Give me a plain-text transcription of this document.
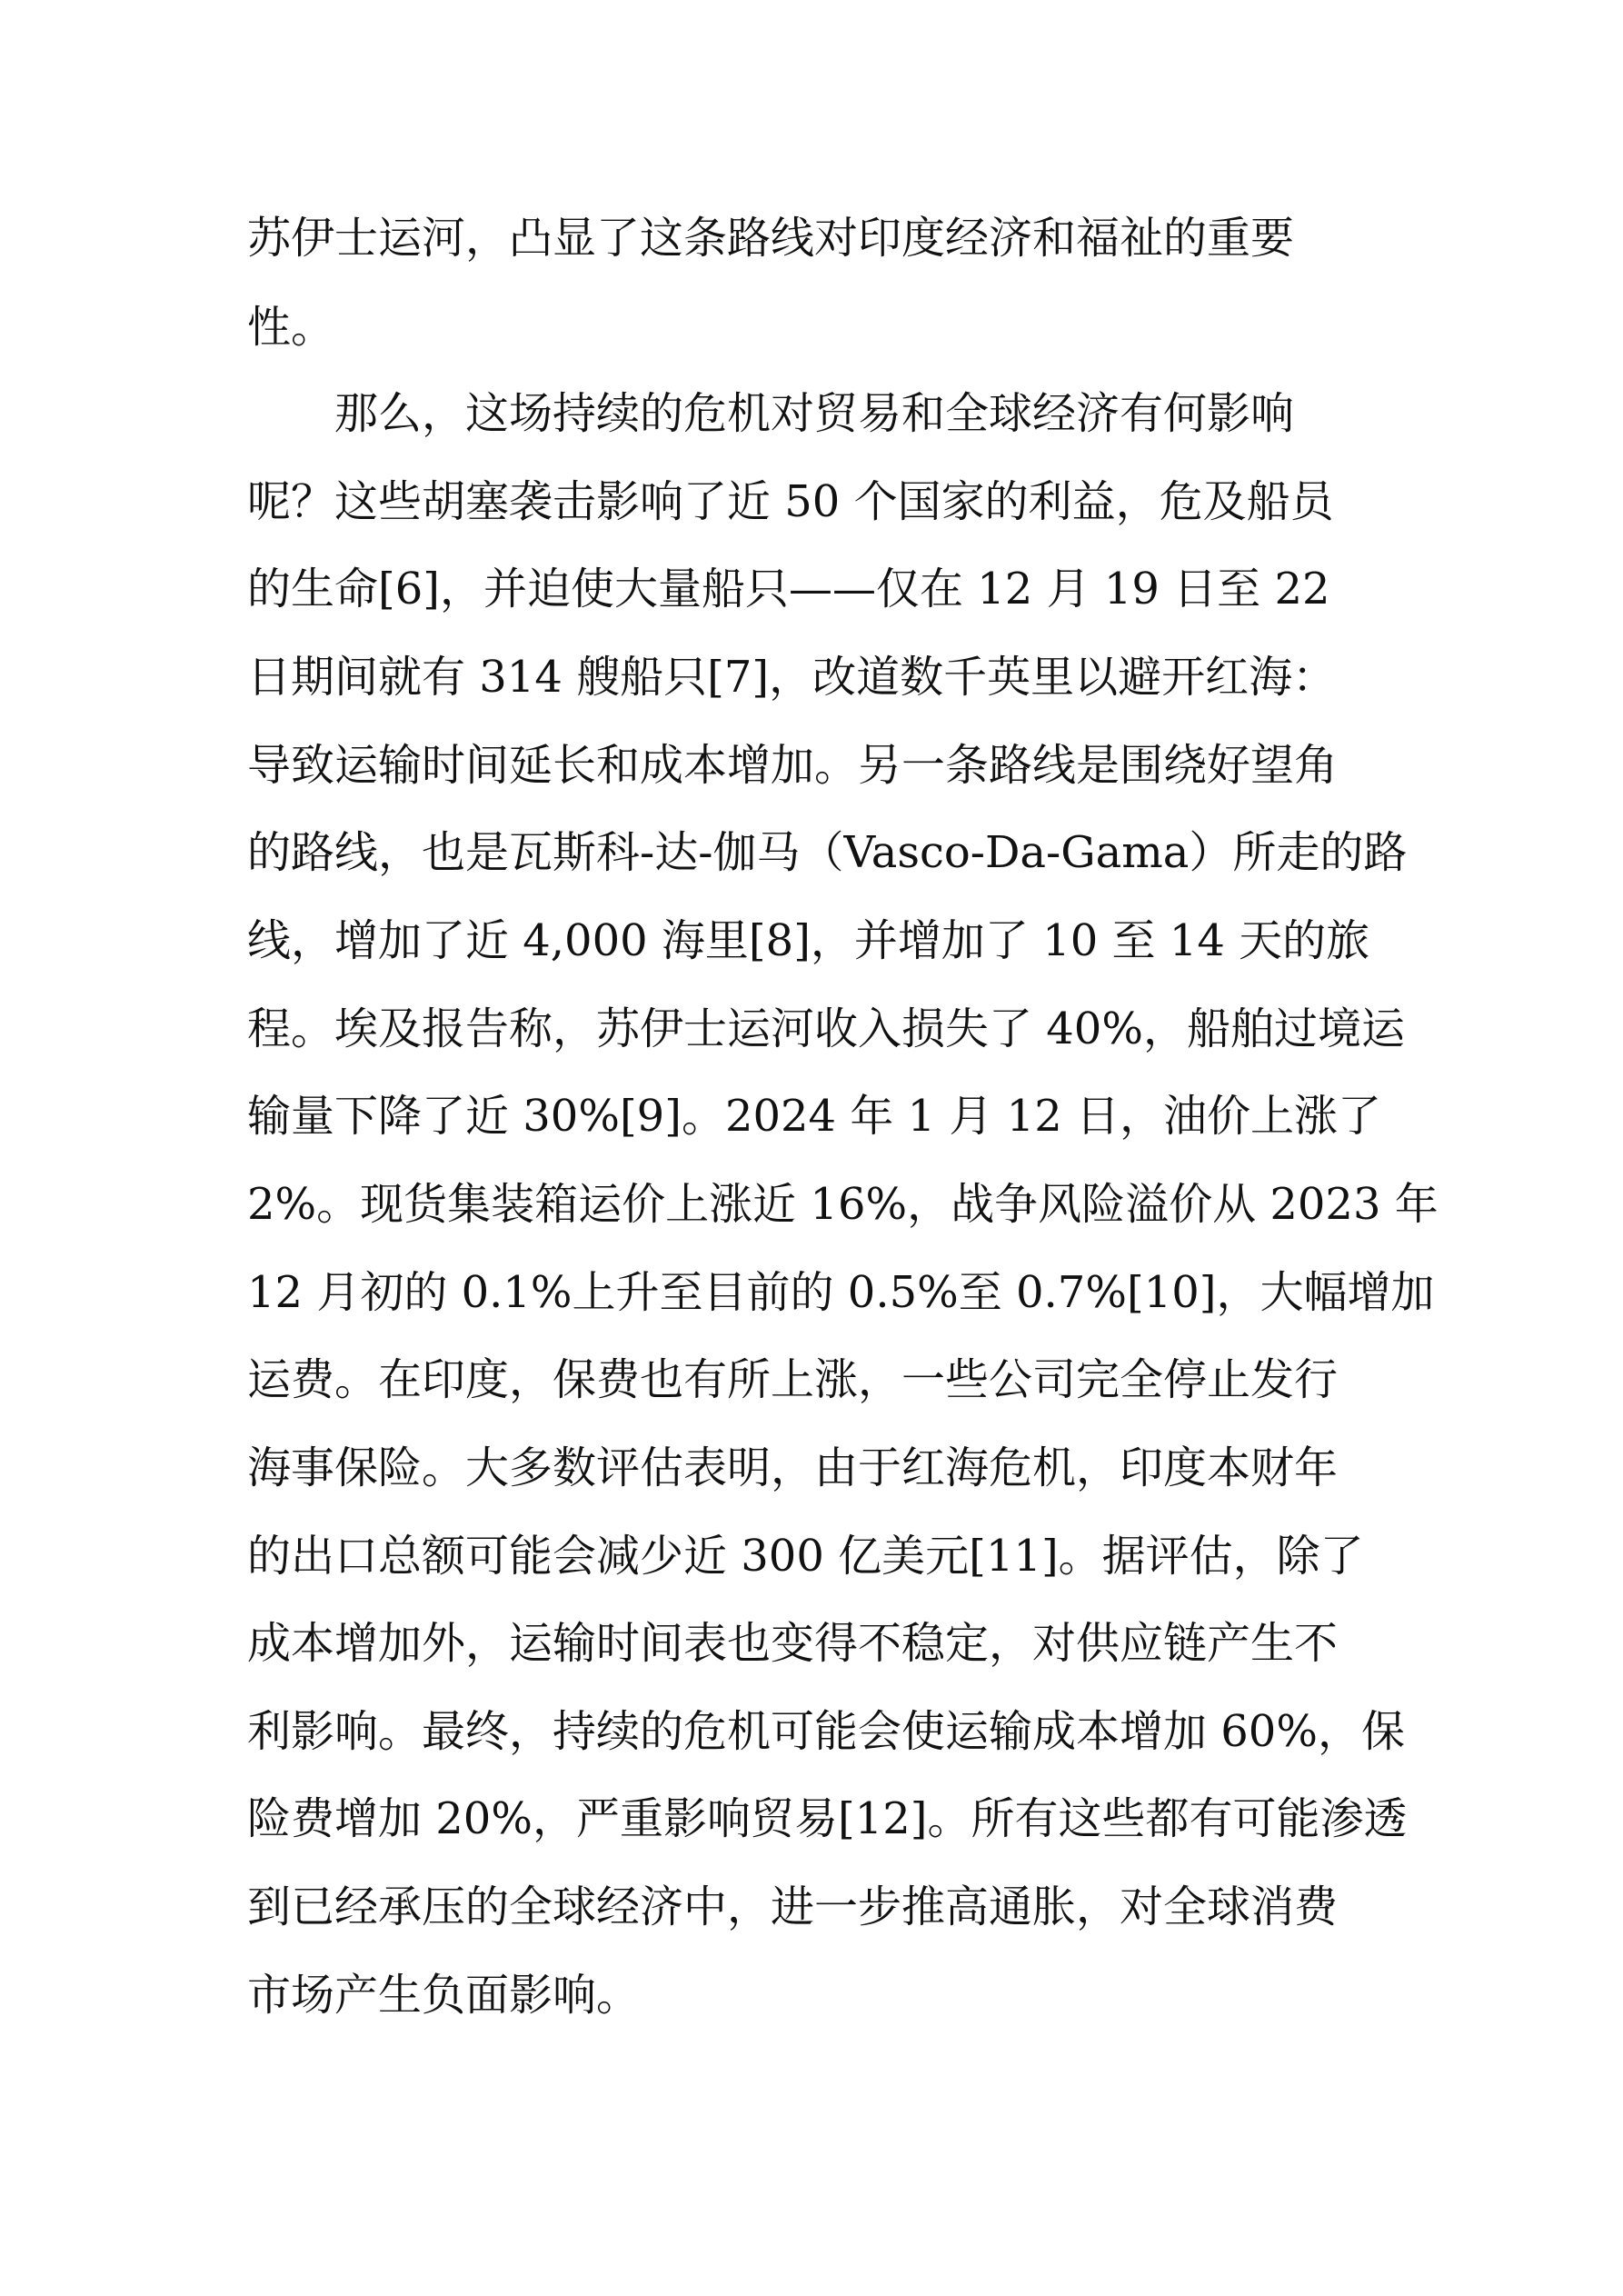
苏伊士运河，凸显了这条路线对印度经济和福祉的重要
性。
那么，这场持续的危机对贸易和全球经济有何影响
呢？这些胡塞袭击影响了近 50 个国家的利益，危及船员
的生命[6]，并迫使大量船只——仅在 12 月 19 日至 22
日期间就有 314 艘船只[7]，改道数千英里以避开红海：
导致运输时间延长和成本增加。另一条路线是围绕好望角
的路线，也是瓦斯科-达-伽马（Vasco-Da-Gama）所走的路
线，增加了近 4,000 海里[8]，并增加了 10 至 14 天的旅
程。埃及报告称，苏伊士运河收入损失了 40%，船舶过境运
输量下降了近 30%[9]。2024 年 1 月 12 日，油价上涨了
2%。现货集装箱运价上涨近 16%，战争风险溢价从 2023 年
12 月初的 0.1%上升至目前的 0.5%至 0.7%[10]，大幅增加
运费。在印度，保费也有所上涨，一些公司完全停止发行
海事保险。大多数评估表明，由于红海危机，印度本财年
的出口总额可能会减少近 300 亿美元[11]。据评估，除了
成本增加外，运输时间表也变得不稳定，对供应链产生不
利影响。最终，持续的危机可能会使运输成本增加 60%，保
险费增加 20%，严重影响贸易[12]。所有这些都有可能渗透
到已经承压的全球经济中，进一步推高通胀，对全球消费
市场产生负面影响。
